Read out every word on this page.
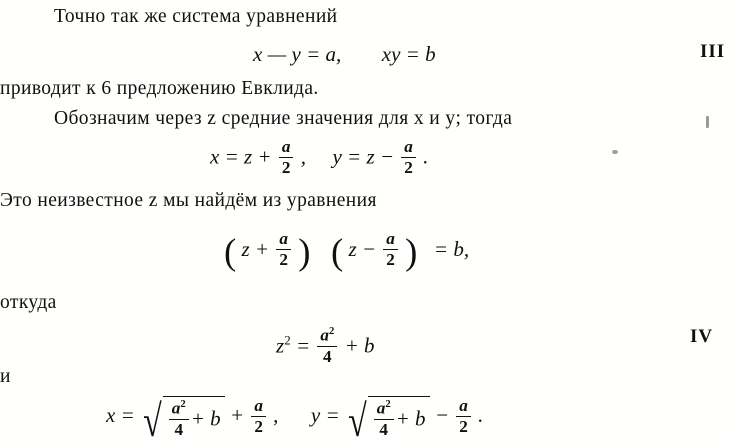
Точно так же система уравнений
x — y = a, xy = b	III
приводит к 6 предложению Евклида.
Обозначим через z средние значения для x и y; тогда
$x = z + \frac{a}{2}$ , $y = z - \frac{a}{2}$ .
Это неизвестное z мы найдём из уравнения
( $z + \frac{a}{2}$ ) ( $z - \frac{a}{2}$ ) = b,
откуда
$z^2 = \frac{a^2}{4} + b$	IV
и
x = √ $\frac{a^2}{4} + b + \frac{a}{2}$ , y = √ $\frac{a^2}{4} + b - \frac{a}{2}$ .
